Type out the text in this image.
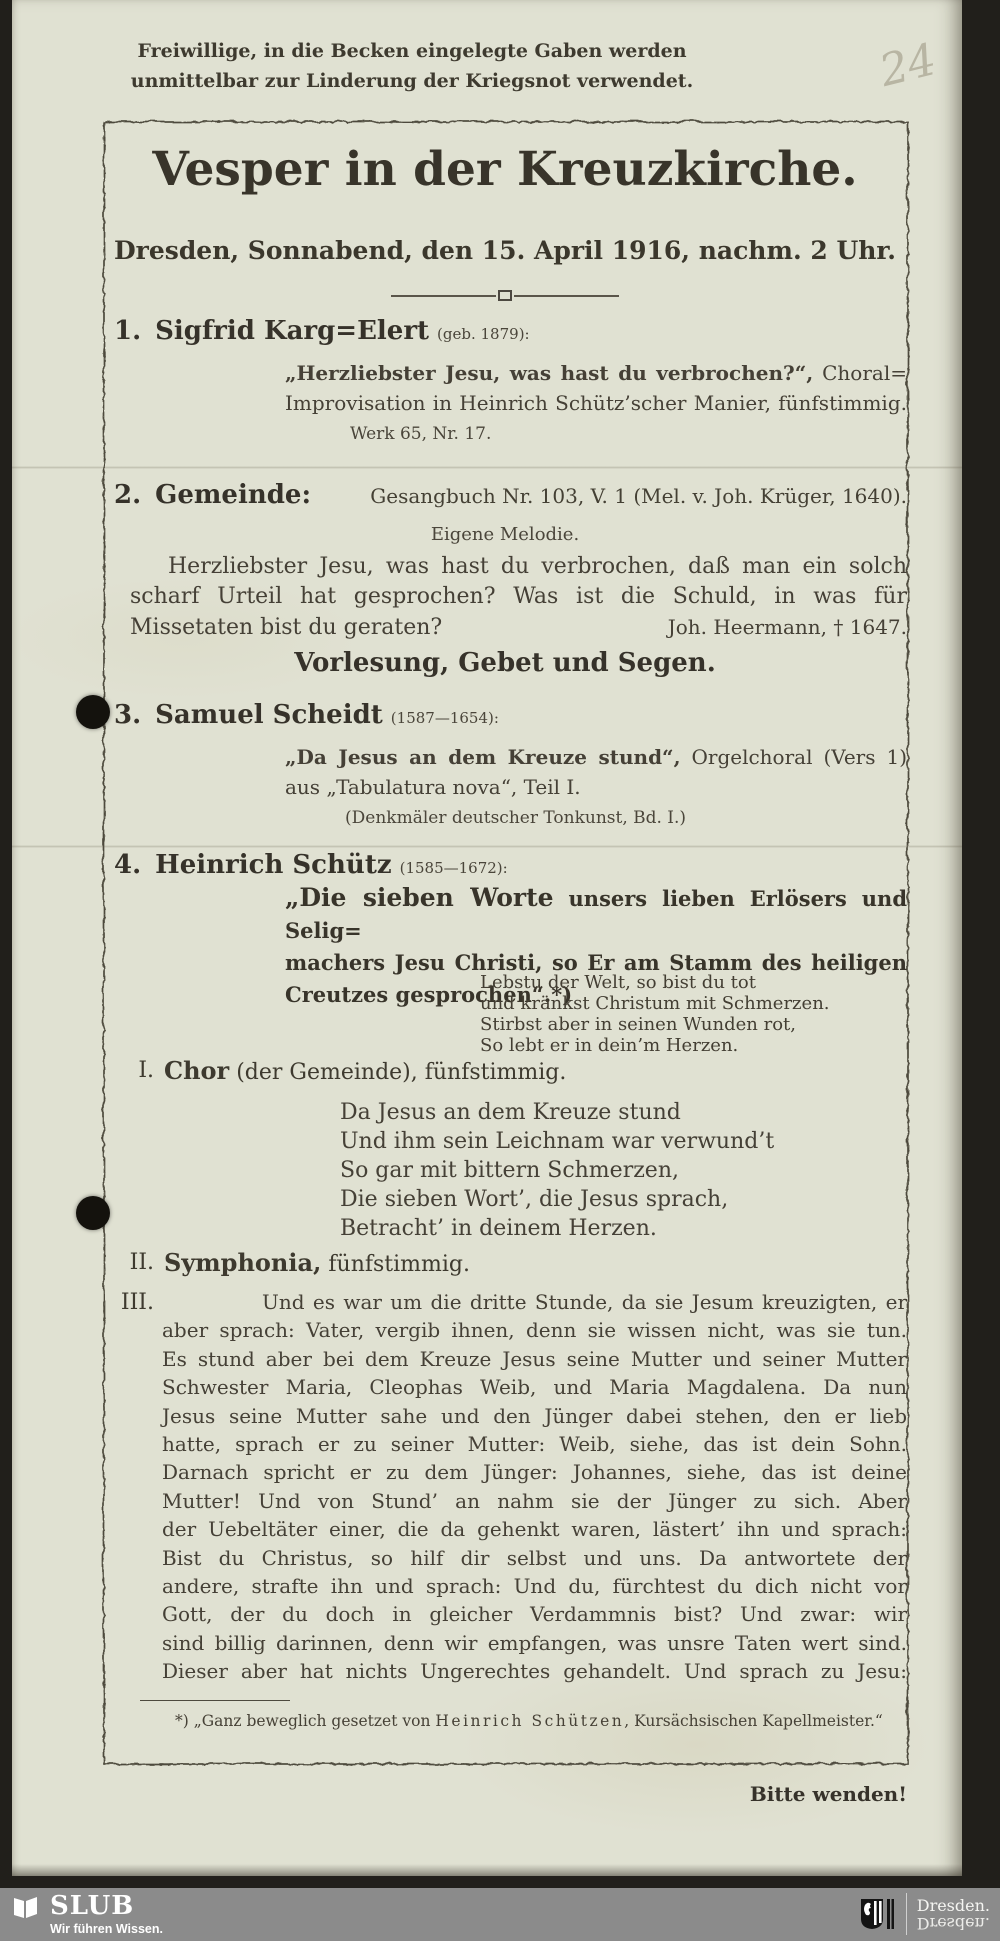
Freiwillige, in die Becken eingelegte Gaben werden
unmittelbar zur Linderung der Kriegsnot verwendet.	24
Vesper in der Kreuzkirche.
Dresden, Sonnabend, den 15. April 1916, nachm. 2 Uhr.
1. Sigfrid Karg=Elert (geb. 1879):
„Herzliebster Jesu, was hast du verbrochen?“, Choral=
Improvisation in Heinrich Schütz’scher Manier, fünfstimmig.
Werk 65, Nr. 17.
2. Gemeinde:	Gesangbuch Nr. 103, V. 1 (Mel. v. Joh. Krüger, 1640).
Eigene Melodie.
Herzliebster Jesu, was hast du verbrochen, daß man ein solch
scharf Urteil hat gesprochen? Was ist die Schuld, in was für
Missetaten bist du geraten?	Joh. Heermann, † 1647.
Vorlesung, Gebet und Segen.
3. Samuel Scheidt (1587—1654):
„Da Jesus an dem Kreuze stund“, Orgelchoral (Vers 1)
aus „Tabulatura nova“, Teil I.
(Denkmäler deutscher Tonkunst, Bd. I.)
4. Heinrich Schütz (1585—1672):
„Die sieben Worte unsers lieben Erlösers und Selig=
machers Jesu Christi, so Er am Stamm des heiligen
Creutzes gesprochen“.*)
Lebstu der Welt, so bist du tot
und kränkst Christum mit Schmerzen.
Stirbst aber in seinen Wunden rot,
So lebt er in dein’m Herzen.
I. Chor (der Gemeinde), fünfstimmig.
Da Jesus an dem Kreuze stund
Und ihm sein Leichnam war verwund’t
So gar mit bittern Schmerzen,
Die sieben Wort’, die Jesus sprach,
Betracht’ in deinem Herzen.
II. Symphonia, fünfstimmig.
III.	Und es war um die dritte Stunde, da sie Jesum kreuzigten, er
aber sprach: Vater, vergib ihnen, denn sie wissen nicht, was sie tun.
Es stund aber bei dem Kreuze Jesus seine Mutter und seiner Mutter
Schwester Maria, Cleophas Weib, und Maria Magdalena. Da nun
Jesus seine Mutter sahe und den Jünger dabei stehen, den er lieb
hatte, sprach er zu seiner Mutter: Weib, siehe, das ist dein Sohn.
Darnach spricht er zu dem Jünger: Johannes, siehe, das ist deine
Mutter! Und von Stund’ an nahm sie der Jünger zu sich. Aber
der Uebeltäter einer, die da gehenkt waren, lästert’ ihn und sprach:
Bist du Christus, so hilf dir selbst und uns. Da antwortete der
andere, strafte ihn und sprach: Und du, fürchtest du dich nicht vor
Gott, der du doch in gleicher Verdammnis bist? Und zwar: wir
sind billig darinnen, denn wir empfangen, was unsre Taten wert sind.
Dieser aber hat nichts Ungerechtes gehandelt. Und sprach zu Jesu:
*) „Ganz beweglich gesetzet von Heinrich Schützen, Kursächsischen Kapellmeister.“
Bitte wenden!
SLUB
Wir führen Wissen.
Dresden.
Dresden.
